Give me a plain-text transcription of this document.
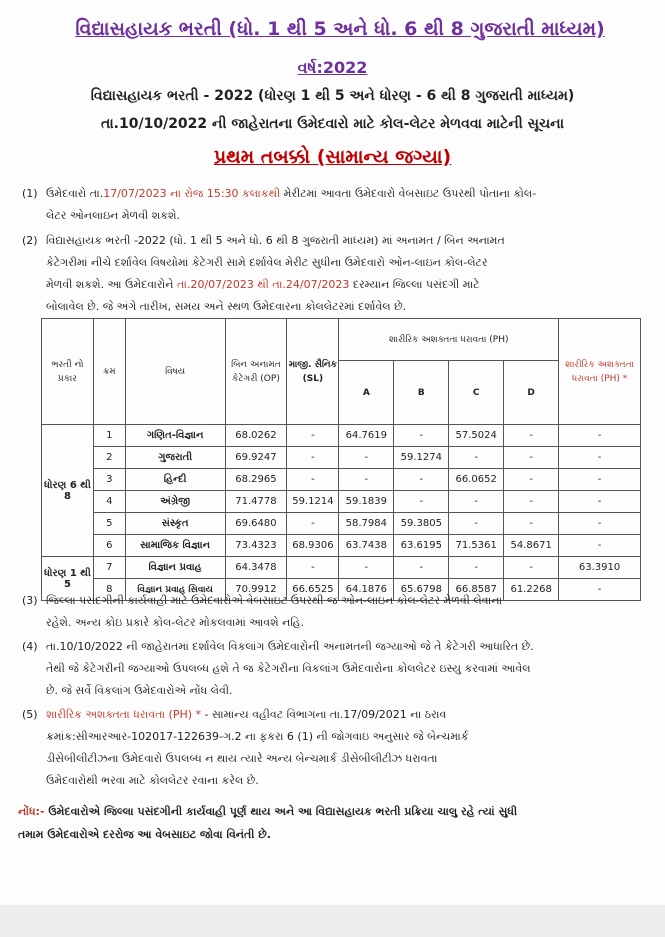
વિદ્યાસહાયક ભરતી (ધો. 1 થી 5 અને ધો. 6 થી 8 ગુજરાતી માધ્યમ)
વર્ષ:2022
વિદ્યાસહાયક ભરતી - 2022 (ધોરણ 1 થી 5 અને ધોરણ - 6 થી 8 ગુજરાતી માધ્યમ)
તા.10/10/2022 ની જાહેરાતના ઉમેદવારો માટે કોલ-લેટર મેળવવા માટેની સૂચના
પ્રથમ તબક્કો (સામાન્ય જગ્યા)
(1) ઉમેદવારો તા.17/07/2023 ના રોજ 15:30 કલાકથી મેરીટમાં આવતા ઉમેદવારો વેબસાઇટ ઉપરથી પોતાના કોલ-
લેટર ઓનલાઇન મેળવી શકશે.
(2) વિદ્યાસહાયક ભરતી -2022 (ધો. 1 થી 5 અને ધો. 6 થી 8 ગુજરાતી માધ્યમ) માં અનામત / બિન અનામત
કેટેગરીમાં નીચે દર્શાવેલ વિષયોમાં કેટેગરી સામે દર્શાવેલ મેરીટ સુધીના ઉમેદવારો ઓન-લાઇન કોલ-લેટર
મેળવી શકશે. આ ઉમેદવારોને તા.20/07/2023 થી તા.24/07/2023 દરમ્યાન જિલ્લા પસંદગી માટે
બોલાવેલ છે. જે અંગે તારીખ, સમય અને સ્થળ ઉમેદવારના કોલલેટરમાં દર્શાવેલ છે.
ભરતી નો પ્રકાર	ક્રમ	વિષય	બિન અનામત કેટેગરી (OP)	માજી. સૈનિક (SL)	શારીરિક અશક્તતા ધરાવતા (PH)				શારીરિક અશક્તતા ધરાવતા (PH) *
					A	B	C	D	
ધોરણ 6 થી 8	1	ગણિત-વિજ્ઞાન	68.0262	-	64.7619	-	57.5024	-	-
	2	ગુજરાતી	69.9247	-	-	59.1274	-	-	-
	3	હિન્દી	68.2965	-	-	-	66.0652	-	-
	4	અંગ્રેજી	71.4778	59.1214	59.1839	-	-	-	-
	5	સંસ્કૃત	69.6480	-	58.7984	59.3805	-	-	-
	6	સામાજિક વિજ્ઞાન	73.4323	68.9306	63.7438	63.6195	71.5361	54.8671	-
ધોરણ 1 થી 5	7	વિજ્ઞાન પ્રવાહ	64.3478	-	-	-	-	-	63.3910
	8	વિજ્ઞાન પ્રવાહ સિવાય	70.9912	66.6525	64.1876	65.6798	66.8587	61.2268	-
(3) જિલ્લા પસંદગીની કાર્યવાહી માટે ઉમેદવારોએ વેબસાઇટ ઉપરથી જ ઓન-લાઇન કોલ-લેટર મેળવી લેવાના
રહેશે. અન્ય કોઇ પ્રકારે કોલ-લેટર મોકલવામાં આવશે નહિ.
(4) તા.10/10/2022 ની જાહેરાતમાં દર્શાવેલ વિકલાંગ ઉમેદવારોની અનામતની જગ્યાઓ જે તે કેટેગરી આધારિત છે.
તેથી જે કેટેગરીની જગ્યાઓ ઉપલબ્ધ હશે તે જ કેટેગરીના વિકલાંગ ઉમેદવારોના કોલલેટર ઇસ્યુ કરવામાં આવેલ
છે. જે સર્વે વિકલાંગ ઉમેદવારોએ નોંધ લેવી.
(5) શારીરિક અશક્તતા ધરાવતા (PH) * - સામાન્ય વહીવટ વિભાગના તા.17/09/2021 ના ઠરાવ
ક્રમાંક:સીઆરઆર-102017-122639-ગ.2 ના ફકરા 6 (1) ની જોગવાઇ અનુસાર જે બેન્ચમાર્ક
ડીસેબીલીટીઝના ઉમેદવારો ઉપલબ્ધ ન થાય ત્યારે અન્ય બેન્ચમાર્ક ડીસેબીલીટીઝ ધરાવતા
ઉમેદવારોથી ભરવા માટે કોલલેટર રવાના કરેલ છે.
નોંધ:- ઉમેદવારોએ જિલ્લા પસંદગીની કાર્યવાહી પૂર્ણ થાય અને આ વિદ્યાસહાયક ભરતી પ્રક્રિયા ચાલુ રહે ત્યાં સુધી
તમામ ઉમેદવારોએ દરરોજ આ વેબસાઇટ જોવા વિનંતી છે.
